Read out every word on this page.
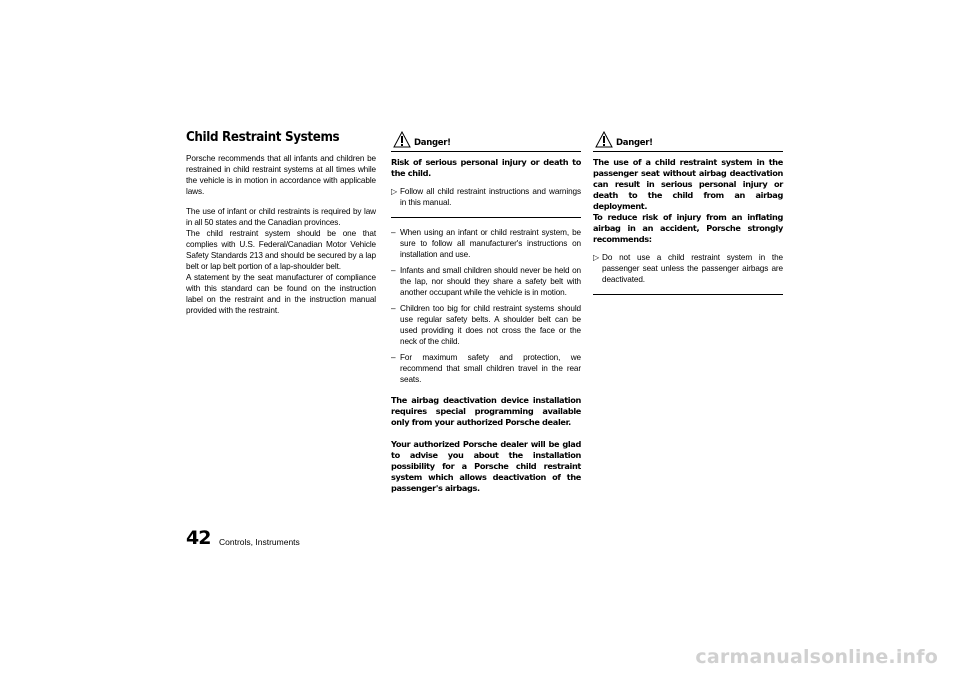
Child Restraint Systems

Porsche recommends that all infants and children be restrained in child restraint systems at all times while the vehicle is in motion in accordance with applicable laws.

The use of infant or child restraints is required by law in all 50 states and the Canadian provinces.

The child restraint system should be one that complies with U.S. Federal/Canadian Motor Vehicle Safety Standards 213 and should be secured by a lap belt or lap belt portion of a lap-shoulder belt.

A statement by the seat manufacturer of compliance with this standard can be found on the instruction label on the restraint and in the instruction manual provided with the restraint.

Danger!

Risk of serious personal injury or death to the child.

▷ Follow all child restraint instructions and warnings in this manual.
– When using an infant or child restraint system, be sure to follow all manufacturer's instructions on installation and use.
– Infants and small children should never be held on the lap, nor should they share a safety belt with another occupant while the vehicle is in motion.
– Children too big for child restraint systems should use regular safety belts. A shoulder belt can be used providing it does not cross the face or the neck of the child.
– For maximum safety and protection, we recommend that small children travel in the rear seats.

The airbag deactivation device installation requires special programming available only from your authorized Porsche dealer.

Your authorized Porsche dealer will be glad to advise you about the installation possibility for a Porsche child restraint system which allows deactivation of the passenger's airbags.

Danger!

The use of a child restraint system in the passenger seat without airbag deactivation can result in serious personal injury or death to the child from an airbag deployment.

To reduce risk of injury from an inflating airbag in an accident, Porsche strongly recommends:

▷ Do not use a child restraint system in the passenger seat unless the passenger airbags are deactivated.
42 Controls, Instruments
carmanualsonline.info
